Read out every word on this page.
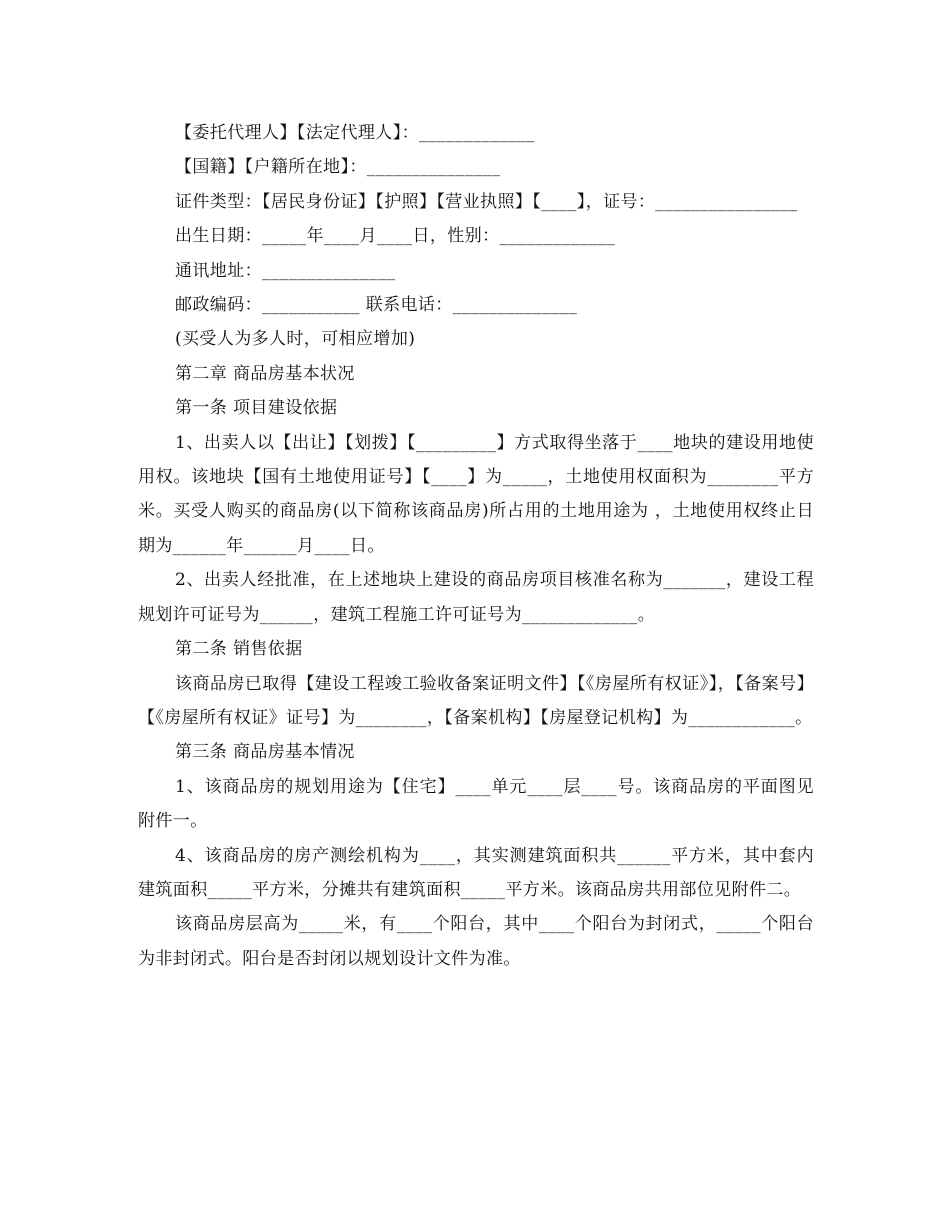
【委托代理人】【法定代理人】：_____________

【国籍】【户籍所在地】：_______________

证件类型：【居民身份证】【护照】【营业执照】【____】，证号：________________

出生日期：_____年____月____日，性别：_____________

通讯地址：_______________

邮政编码：___________ 联系电话：______________

(买受人为多人时，可相应增加)

第二章 商品房基本状况

第一条 项目建设依据

1、出卖人以【出让】【划拨】【_________】方式取得坐落于____地块的建设用地使用权。该地块【国有土地使用证号】【____】为_____，土地使用权面积为________平方米。买受人购买的商品房(以下简称该商品房)所占用的土地用途为 ，土地使用权终止日期为______年______月____日。

2、出卖人经批准，在上述地块上建设的商品房项目核准名称为_______，建设工程规划许可证号为______，建筑工程施工许可证号为_____________。

第二条 销售依据

该商品房已取得【建设工程竣工验收备案证明文件】【《房屋所有权证》】，【备案号】【《房屋所有权证》证号】为________，【备案机构】【房屋登记机构】为____________。

第三条 商品房基本情况

1、该商品房的规划用途为【住宅】____单元____层____号。该商品房的平面图见附件一。

4、该商品房的房产测绘机构为____，其实测建筑面积共______平方米，其中套内建筑面积_____平方米，分摊共有建筑面积_____平方米。该商品房共用部位见附件二。

该商品房层高为_____米，有____个阳台，其中____个阳台为封闭式，_____个阳台为非封闭式。阳台是否封闭以规划设计文件为准。
